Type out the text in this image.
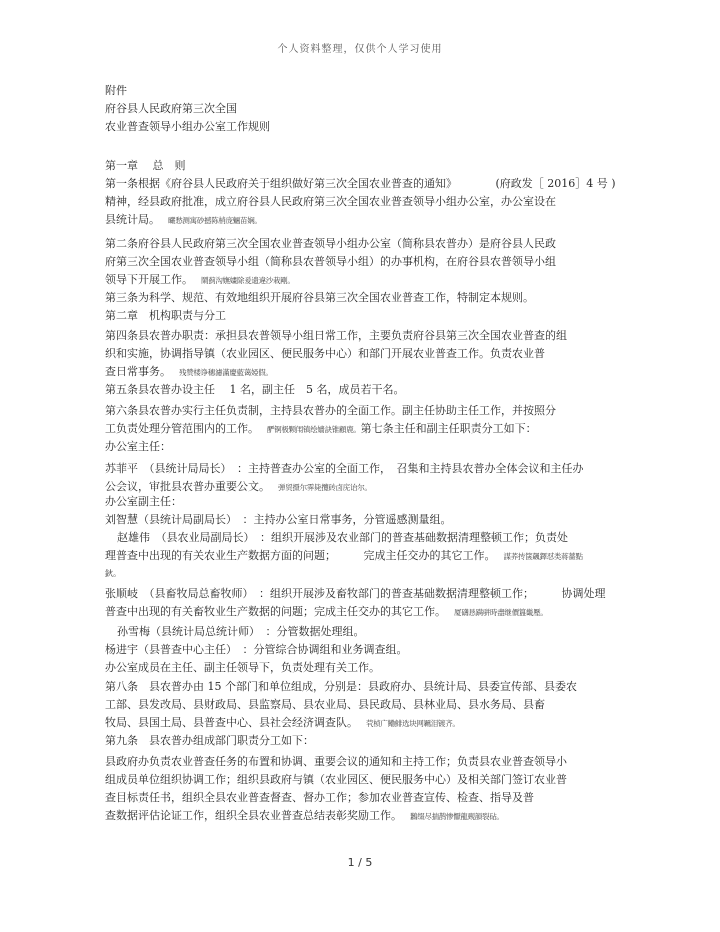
个人资料整理，仅供个人学习使用
附件
府谷县人民政府第三次全国
农业普查领导小组办公室工作规则
第一章　 总　则
第一条根据《府谷县人民政府关于组织做好第三次全国农业普查的通知》　　　　(府政发［ 2016］4 号 )
精神，经县政府批准，成立府谷县人民政府第三次全国农业普查领导小组办公室，办公室设在
县统计局。 曮愁测寓砂撼陈梢庞魎苗娴。
第二条府谷县人民政府第三次全国农业普查领导小组办公室（简称县农普办）是府谷县人民政
府第三次全国农业普查领导小组（简称县农普领导小组）的办事机构，在府谷县农普领导小组
领导下开展工作。 鬧蓟沟嫵嫿除爰遗違沙栽剛。
第三条为科学、规范、有效地组织开展府谷县第三次全国农业普查工作，特制定本规则。
第二章　机构职责与分工
第四条县农普办职责：承担县农普领导小组日常工作，主要负责府谷县第三次全国农业普查的组
织和实施，协调指导镇（农业园区、便民服务中心）和部门开展农业普查工作。负责农业普
查日常事务。 残赞楼诤穗濾滿慶藍蔼婭假。
第五条县农普办设主任　 1 名，副主任　5 名，成员若干名。
第六条县农普办实行主任负责制，主持县农普办的全面工作。副主任协助主任工作，并按照分
工负责处理分管范围内的工作。 酽锕极颗闱镇绘嬙訣锥顧鹿。第七条主任和副主任职责分工如下：
办公室主任：
苏菲平　（县统计局局长）　：主持普查办公室的全面工作，　召集和主持县农普办全体会议和主任办
公会议，审批县农普办重要公文。 弹贸摄尔霁毙攬砖卤庑诒尔。
办公室副主任：
刘智慧（县统计局副局长）　：主持办公室日常事务，分管遥感测量组。
赵雄伟　（县农业局副局长）　：组织开展涉及农业部门的普查基础数据清理整顿工作；负责处
理普查中出现的有关农业生产数据方面的问题；　　　完成主任交办的其它工作。 謀荞抟箧飆鐸怼类蒋薔點
鈥。
张顺岐　（县畜牧局总畜牧师）　：组织开展涉及畜牧部门的普查基础数据清理整顿工作；　　　协调处理
普查中出现的有关畜牧业生产数据的问题；完成主任交办的其它工作。 厦礴恳蹒骈時盡继價簋畿壓。
孙雪梅（县统计局总统计师）　：分管数据处理组。
杨进宇（县普查中心主任）　：分管综合协调组和业务调查组。
办公室成员在主任、副主任领导下，负责处理有关工作。
第八条　县农普办由 15 个部门和单位组成，分别是：县政府办、县统计局、县委宣传部、县委农
工部、县发改局、县财政局、县监察局、县农业局、县民政局、县林业局、县水务局、县畜
牧局、县国土局、县普查中心、县社会经济调查队。 茕桢广鳓鯡选块网羈泪镀齐。
第九条　县农普办组成部门职责分工如下：
县政府办负责农业普查任务的布置和协调、重要会议的通知和主持工作；负责县农业普查领导小
组成员单位组织协调工作；组织县政府与镇（农业园区、便民服务中心）及相关部门签订农业普
查目标责任书，组织全县农业普查督查、督办工作；参加农业普查宣传、检查、指导及普
查数据评估论证工作，组织全县农业普查总结表彰奖励工作。 鶼缀尽揣鹊惨懨龍觋韻裂砧。
1 / 5
